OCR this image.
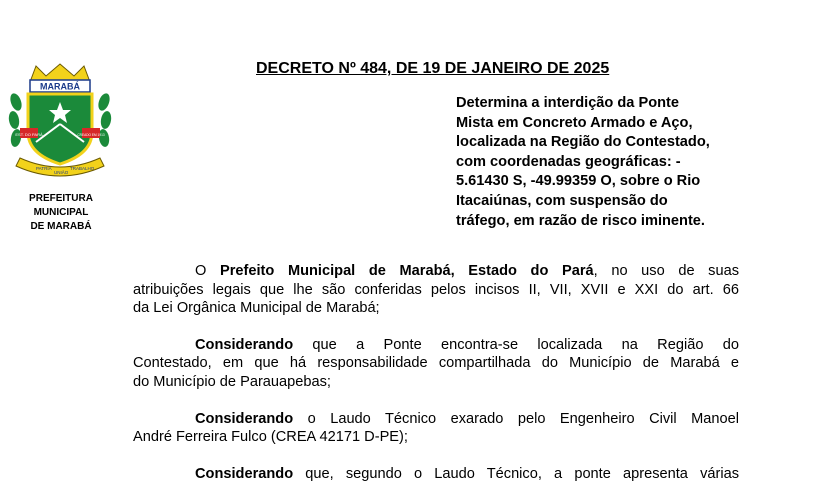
MARABÁ
EST. DO PARÁ	CREADO EM 1913
PATRIA
UNIÃO
TRABALHO
PREFEITURA
MUNICIPAL
DE MARABÁ
DECRETO Nº 484, DE 19 DE JANEIRO DE 2025
Determina a interdição da Ponte
Mista em Concreto Armado e Aço,
localizada na Região do Contestado,
com coordenadas geográficas: -
5.61430 S, -49.99359 O, sobre o Rio
Itacaiúnas, com suspensão do
tráfego, em razão de risco iminente.
O Prefeito Municipal de Marabá, Estado do Pará, no uso de suas
atribuições legais que lhe são conferidas pelos incisos II, VII, XVII e XXI do art. 66
da Lei Orgânica Municipal de Marabá;
Considerando que a Ponte encontra-se localizada na Região do
Contestado, em que há responsabilidade compartilhada do Município de Marabá e
do Município de Parauapebas;
Considerando o Laudo Técnico exarado pelo Engenheiro Civil Manoel
André Ferreira Fulco (CREA 42171 D-PE);
Considerando que, segundo o Laudo Técnico, a ponte apresenta várias
